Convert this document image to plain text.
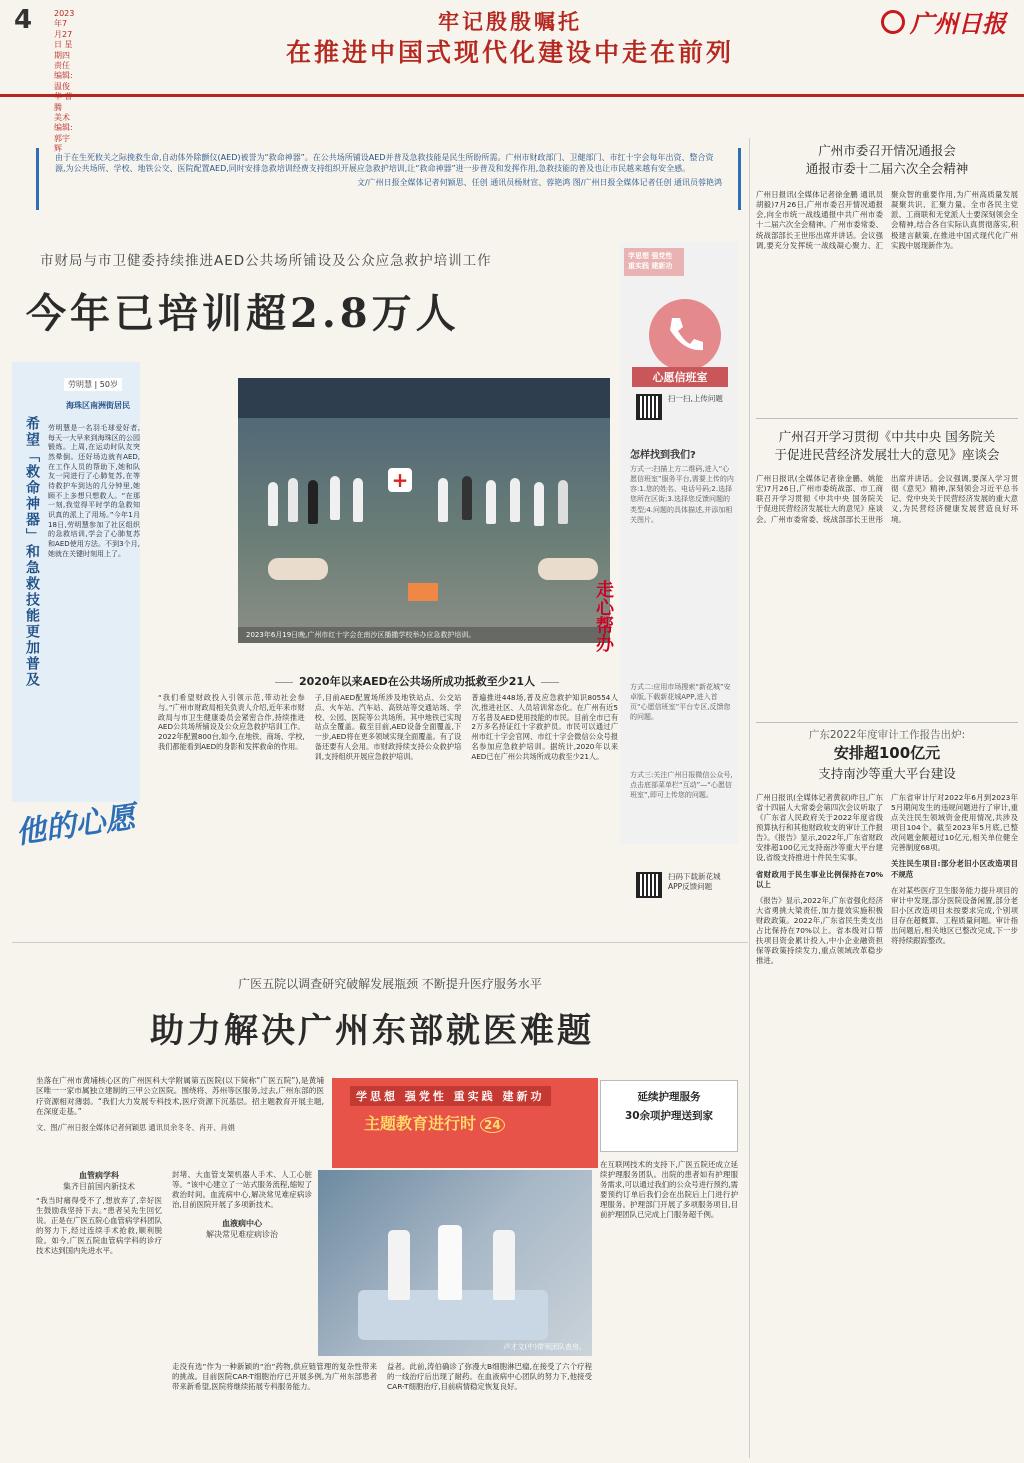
4	2023年7月27日 星期四
责任编辑:温俊 腾
美术编辑:郭宇辉
牢记殷殷嘱托
在推进中国式现代化建设中走在前列
广州日报

由于在生死攸关之际挽救生命,自动体外除颤仪(AED)被誉为“救命神器”。在公共场所铺设AED并普及急救技能是民生所盼所需。广州市财政部门、卫健部门、市红十字会每年出资、整合资源,为公共场所、学校、地铁公交、医院配置AED,同时安排急救培训经费支持组织开展应急救护培训,让“救命神器”进一步普及和发挥作用,急救技能的普及也让市民越来越有安全感。

文/广州日报全媒体记者何颖思、任创 通讯员杨财宣、蓉艳鸿 图/广州日报全媒体记者任创 通讯员蓉艳鸿

市财局与市卫健委持续推进AED公共场所铺设及公众应急救护培训工作
今年已培训超2.8万人
劳明慧 | 50岁
海珠区南洲街居民
希望「救命神器」和急救技能更加普及 劳明慧是一名羽毛球爱好者,每天一大早来到海珠区的公园锻炼。上周,在运动时队友突然晕倒。还好场边就有AED,在工作人员的帮助下,她和队友一同进行了心肺复苏,在等待救护车到达的几分钟里,她顾不上多想只想救人。“在那一刻,我觉得平时学的急救知识真的派上了用场。”今年1月18日,劳明慧参加了社区组织的急救培训,学会了心肺复苏和AED使用方法。不到3个月,她就在关键时刻用上了。
他的心愿
+
2023年6月19日晚,广州市红十字会在南沙区播撒学校举办应急救护培训。
2020年以来AED在公共场所成功抵救至少21人

“我们希望财政投入引领示范,带动社会参与。”广州市财政局相关负责人介绍,近年来市财政局与市卫生健康委员会紧密合作,持续推进AED公共场所铺设及公众应急救护培训工作。2022年配置800台,如今,在地铁、商场、学校,我们都能看到AED的身影和发挥救命的作用。

子,目前AED配置场所涉及地铁站点、公交站点、火车站、汽车站、高铁站等交通站场、学校、公园、医院等公共场所。其中地铁已实现站点全覆盖。截至目前,AED设备全面覆盖,下一步,AED将在更多领域实现全面覆盖。有了设备还要有人会用。市财政持续支持公众救护培训,支持组织开展应急救护培训。

普遍推进448场,普及应急救护知识80554人次,推进社区、人员培训常态化。在广州有近5万名普及AED使用技能的市民。目前全市已有2万多名持证红十字救护员。市民可以通过广州市红十字会官网、市红十字会微信公众号报名参加应急救护培训。据统计,2020年以来AED已在广州公共场所成功救至少21人。

学思想 强党性 重实践 建新功
心愿信班室
扫一扫,上传问题
怎样找到我们?
方式一:扫描上方二维码,进入“心愿信班室”服务平台,需要上传的内容:1.您的姓名、电话号码;2.选择您所在区街;3.选择您反馈问题的类型;4.问题的具体描述,并添加相关图片。
方式二:应用市场搜索“新花城”安卓版,下载新花城APP,进入首页“心愿信班室”平台专区,反馈您的问题。
方式三:关注广州日报微信公众号,点击底部菜单栏“互动”—“心愿信班室”,即可上传您的问题。
扫码下载新花城APP反馈问题
走心帮办
广州市委召开情况通报会
通报市委十二届六次全会精神

广州日报讯(全媒体记者徐金鹏 通讯员胡毅)7月26日,广州市委召开情况通报会,向全市统一战线通报中共广州市委十二届六次全会精神。广州市委常委、统战部部长王世彤出席并讲话。会议强调,要充分发挥统一战线凝心聚力、汇聚众智的重要作用,为广州高质量发展凝聚共识、汇聚力量。全市各民主党派、工商联和无党派人士要深刻领会全会精神,结合各自实际认真贯彻落实,积极建言献策,在推进中国式现代化广州实践中展现新作为。

广州召开学习贯彻《中共中央 国务院关
于促进民营经济发展壮大的意见》座谈会

广州日报讯(全媒体记者徐金鹏、姚能宏)7月26日,广州市委统战部、市工商联召开学习贯彻《中共中央 国务院关于促进民营经济发展壮大的意见》座谈会。广州市委常委、统战部部长王世彤出席并讲话。会议强调,要深入学习贯彻《意见》精神,深刻领会习近平总书记、党中央关于民营经济发展的重大意义,为民营经济健康发展营造良好环境。

广东2022年度审计工作报告出炉:
安排超100亿元
支持南沙等重大平台建设

广州日报讯(全媒体记者黄叙)昨日,广东省十四届人大常委会第四次会议听取了《广东省人民政府关于2022年度省级预算执行和其他财政收支的审计工作报告》。《报告》显示,2022年,广东省财政安排超100亿元支持南沙等重大平台建设,省级支持推进十件民生实事。

省财政用于民生事业比例保持在70%以上

《报告》显示,2022年,广东省强化经济大省勇挑大梁责任,加力提效实施积极财政政策。2022年,广东省民生类支出占比保持在70%以上。省本级对口帮扶项目资金累计投入,中小企业融资担保等政策持续发力,重点领域改革稳步推进。

广东省审计厅对2022年6月到2023年5月期间发生的违规问题进行了审计,重点关注民生领域资金使用情况,共涉及项目104个。截至2023年5月底,已整改问题金额超过10亿元,相关单位健全完善制度68项。

关注民生项目:部分老旧小区改造项目不规范

在对某些医疗卫生服务能力提升项目的审计中发现,部分医院设备闲置,部分老旧小区改造项目未按要求完成,个别项目存在超概算、工程质量问题。审计指出问题后,相关地区已整改完成,下一步将持续跟踪整改。

广医五院以调查研究破解发展瓶颈 不断提升医疗服务水平
助力解决广州东部就医难题

坐落在广州市黄埔核心区的广州医科大学附属第五医院(以下简称“广医五院”),是黄埔区唯一一家市属独立建制的三甲公立医院。围绕将、苏州等区服务,过去,广州东部的医疗资源相对薄弱。“我们大力发展专科技术,医疗资源下沉基层。招主题教育开展主题,在深度走基。”

文、图/广州日报全媒体记者何颖思 通讯员余冬冬、肖开、肖娟

学思想 强党性 重实践 建新功
主题教育进行时 24
延续护理服务
30余项护理送到家

在互联网技术的支持下,广医五院还成立延续护理服务团队。出院的患者如有护理服务需求,可以通过我们的公众号进行预约,需要预约订单后我们会在出院后上门进行护理服务。护理部门开展了多项服务项目,目前护理团队已完成上门服务超千例。

血管病学科
集齐目前国内新技术

“我当时痛得受不了,想放弃了,幸好医生鼓励我坚持下去。”患者吴先生回忆说。正是在广医五院心血管病学科团队的努力下,经过连续手术抢救,顺利脱险。如今,广医五院血管病学科的诊疗技术达到国内先进水平。

封堵、大血管支架机器人手术、人工心脏等。“该中心建立了一站式服务流程,缩短了救治时间。血流病中心,解决常见难症病诊治,目前医院开展了多项新技术。

血液病中心
解决常见难症病诊治
卢才文(中)带领团队查房。

走没有选”作为一种新颖的“治”药物,供应链管理的复杂性带来的挑战。目前医院CAR-T细胞治疗已开展多例,为广州东部患者带来新希望,医院将继续拓展专科服务能力。

益者。此前,涛伯确诊了弥漫大B细胞淋巴瘤,在接受了六个疗程的一线治疗后出现了耐药。在血液病中心团队的努力下,他接受CAR-T细胞治疗,目前病情稳定恢复良好。
